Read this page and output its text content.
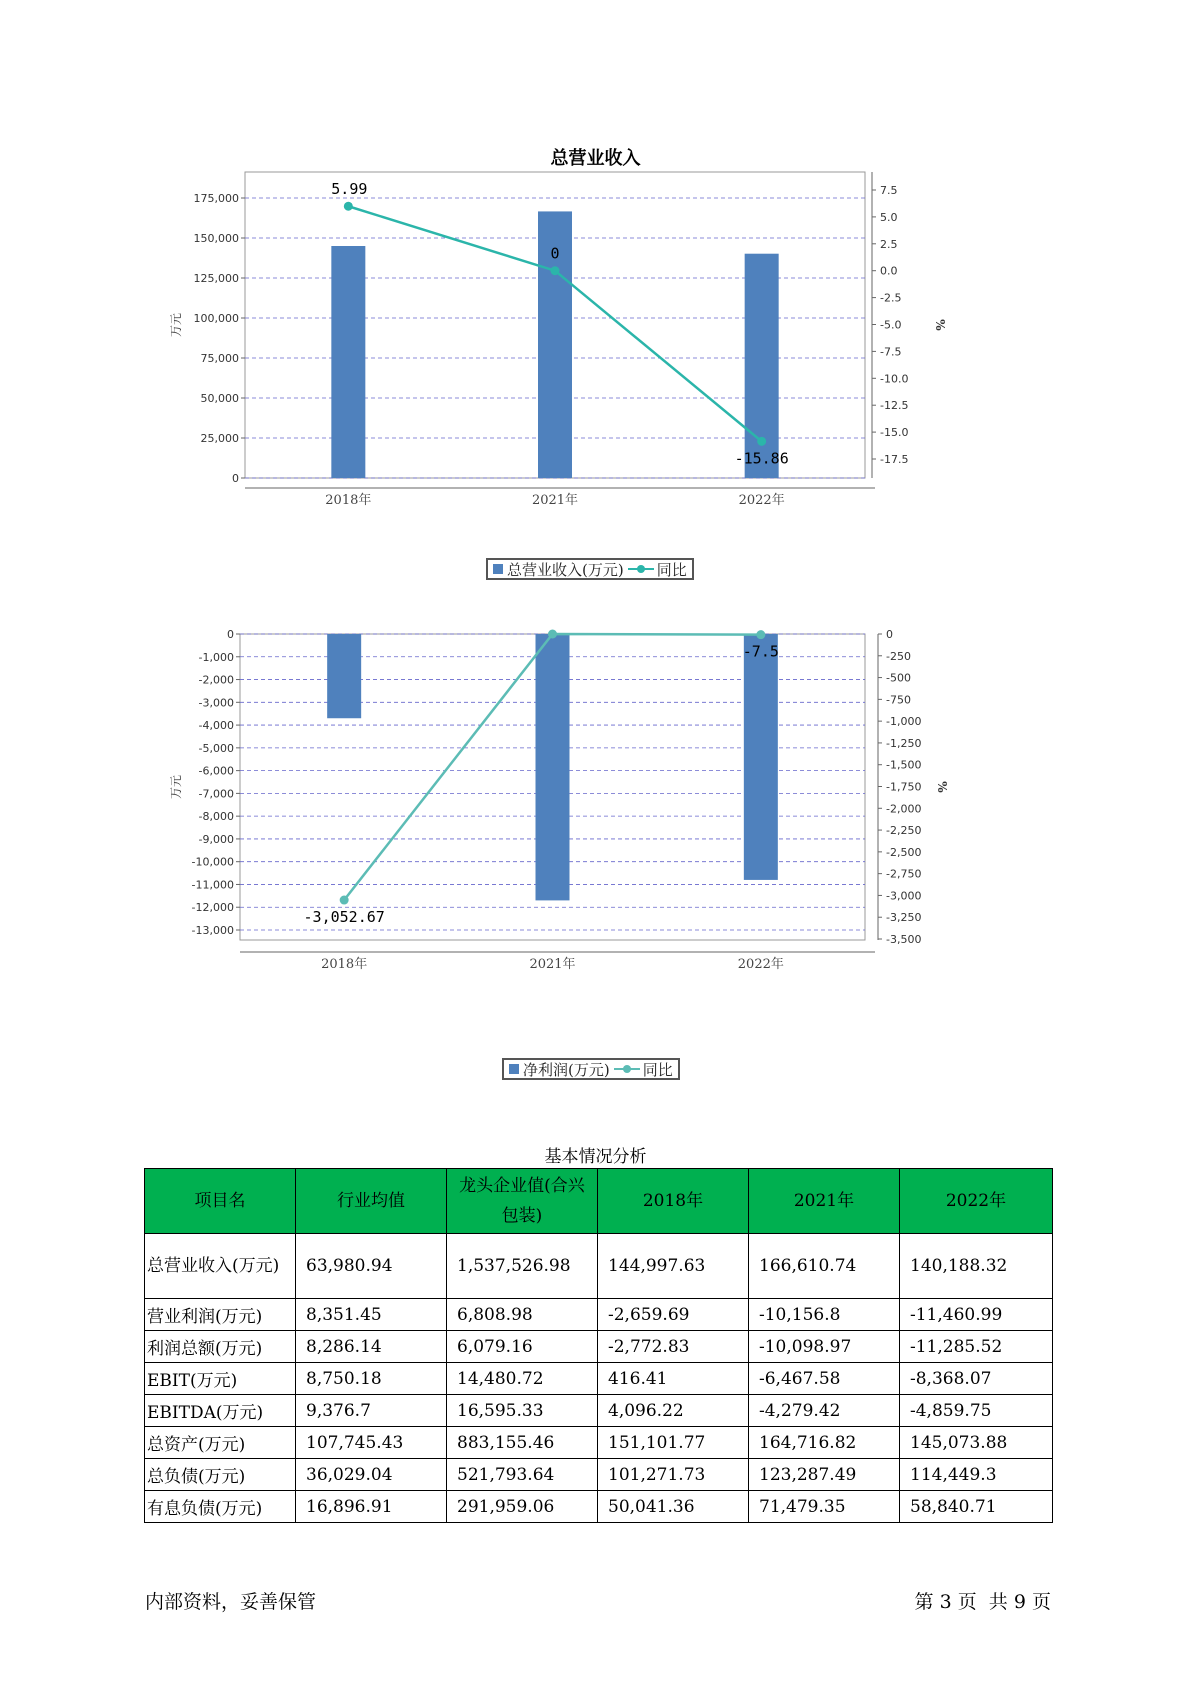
总营业收入
175,000
150,000
125,000
100,000
75,000
50,000
25,000
0
7.5
5.0
2.5
0.0
-2.5
-5.0
-7.5
-10.0
-12.5
-15.0
-17.5
万元	%
2018年	2021年	2022年
5.99
0
-15.86
总营业收入(万元) 同比
0
-1,000
-2,000
-3,000
-4,000
-5,000
-6,000
-7,000
-8,000
-9,000
-10,000
-11,000
-12,000
-13,000
0
-250
-500
-750
-1,000
-1,250
-1,500
-1,750
-2,000
-2,250
-2,500
-2,750
-3,000
-3,250
-3,500
万元	%
2018年	2021年	2022年
-3,052.67
-7.5
净利润(万元) 同比
基本情况分析
项目名	行业均值	龙头企业值(合兴包装)	2018年	2021年	2022年
总营业收入(万元)	63,980.94	1,537,526.98	144,997.63	166,610.74	140,188.32
营业利润(万元)	8,351.45	6,808.98	-2,659.69	-10,156.8	-11,460.99
利润总额(万元)	8,286.14	6,079.16	-2,772.83	-10,098.97	-11,285.52
EBIT(万元)	8,750.18	14,480.72	416.41	-6,467.58	-8,368.07
EBITDA(万元)	9,376.7	16,595.33	4,096.22	-4,279.42	-4,859.75
总资产(万元)	107,745.43	883,155.46	151,101.77	164,716.82	145,073.88
总负债(万元)	36,029.04	521,793.64	101,271.73	123,287.49	114,449.3
有息负债(万元)	16,896.91	291,959.06	50,041.36	71,479.35	58,840.71
内部资料，妥善保管	第 3 页  共 9 页
